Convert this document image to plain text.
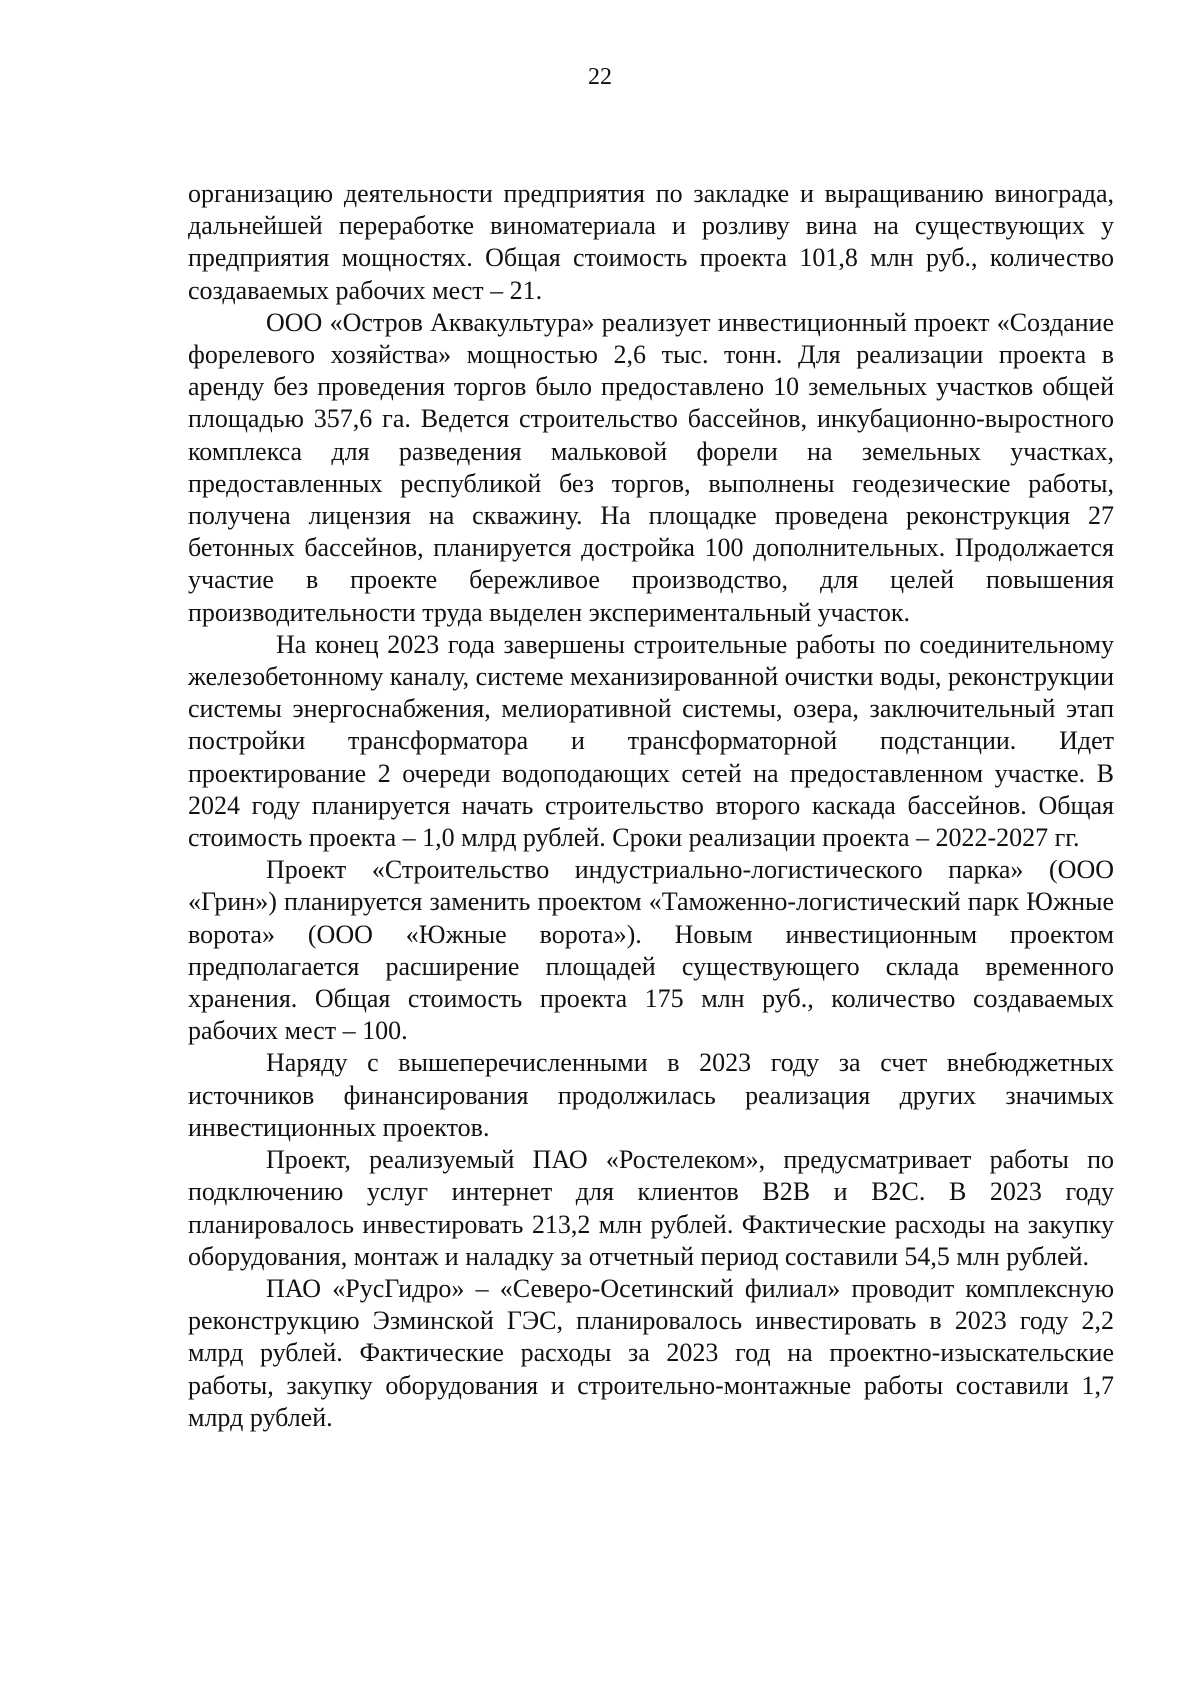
22

организацию деятельности предприятия по закладке и выращиванию винограда, дальнейшей переработке виноматериала и розливу вина на существующих у предприятия мощностях. Общая стоимость проекта 101,8 млн руб., количество создаваемых рабочих мест – 21.

ООО «Остров Аквакультура» реализует инвестиционный проект «Создание форелевого хозяйства» мощностью 2,6 тыс. тонн. Для реализации проекта в аренду без проведения торгов было предоставлено 10 земельных участков общей площадью 357,6 га. Ведется строительство бассейнов, инкубационно-выростного комплекса для разведения мальковой форели на земельных участках, предоставленных республикой без торгов, выполнены геодезические работы, получена лицензия на скважину. На площадке проведена реконструкция 27 бетонных бассейнов, планируется достройка 100 дополнительных. Продолжается участие в проекте бережливое производство, для целей повышения производительности труда выделен экспериментальный участок.

На конец 2023 года завершены строительные работы по соединительному железобетонному каналу, системе механизированной очистки воды, реконструкции системы энергоснабжения, мелиоративной системы, озера, заключительный этап постройки трансформатора и трансформаторной подстанции. Идет проектирование 2 очереди водоподающих сетей на предоставленном участке. В 2024 году планируется начать строительство второго каскада бассейнов. Общая стоимость проекта – 1,0 млрд рублей. Сроки реализации проекта – 2022-2027 гг.

Проект «Строительство индустриально-логистического парка» (ООО «Грин») планируется заменить проектом «Таможенно-логистический парк Южные ворота» (ООО «Южные ворота»). Новым инвестиционным проектом предполагается расширение площадей существующего склада временного хранения. Общая стоимость проекта 175 млн руб., количество создаваемых рабочих мест – 100.

Наряду с вышеперечисленными в 2023 году за счет внебюджетных источников финансирования продолжилась реализация других значимых инвестиционных проектов.

Проект, реализуемый ПАО «Ростелеком», предусматривает работы по подключению услуг интернет для клиентов B2B и B2C. В 2023 году планировалось инвестировать 213,2 млн рублей. Фактические расходы на закупку оборудования, монтаж и наладку за отчетный период составили 54,5 млн рублей.

ПАО «РусГидро» – «Северо-Осетинский филиал» проводит комплексную реконструкцию Эзминской ГЭС, планировалось инвестировать в 2023 году 2,2 млрд рублей. Фактические расходы за 2023 год на проектно-изыскательские работы, закупку оборудования и строительно-монтажные работы составили 1,7 млрд рублей.
